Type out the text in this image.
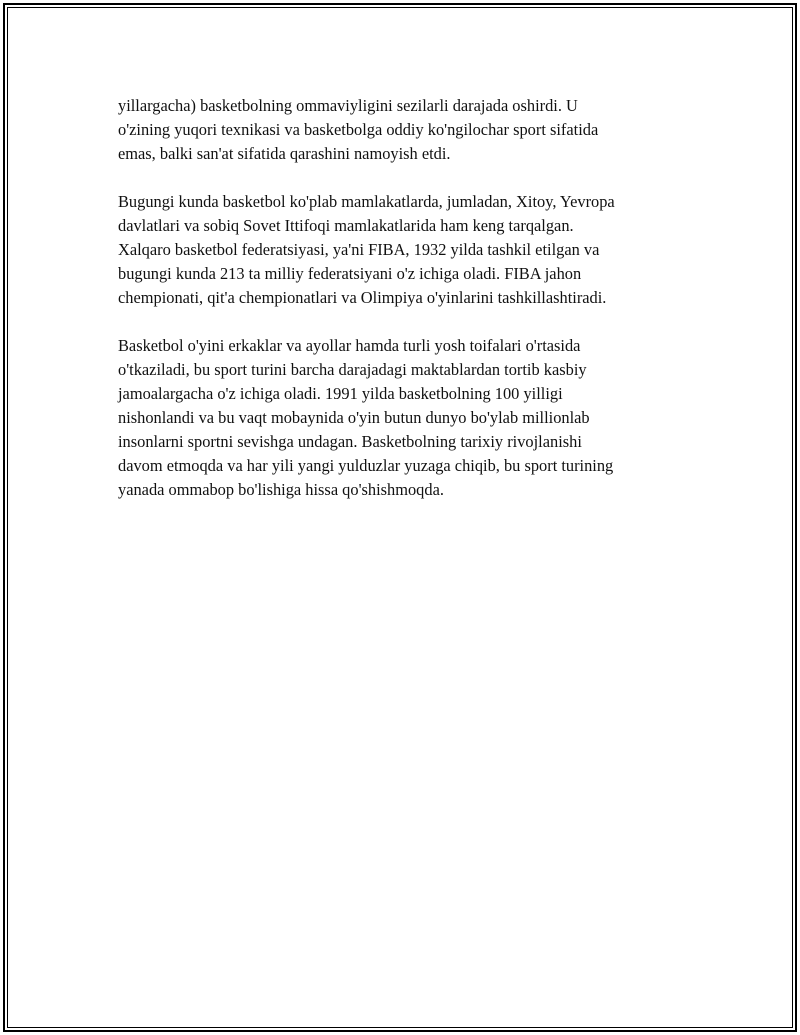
yillargacha) basketbolning ommaviyligini sezilarli darajada oshirdi. U
o'zining yuqori texnikasi va basketbolga oddiy ko'ngilochar sport sifatida
emas, balki san'at sifatida qarashini namoyish etdi.

Bugungi kunda basketbol ko'plab mamlakatlarda, jumladan, Xitoy, Yevropa
davlatlari va sobiq Sovet Ittifoqi mamlakatlarida ham keng tarqalgan.
Xalqaro basketbol federatsiyasi, ya'ni FIBA, 1932 yilda tashkil etilgan va
bugungi kunda 213 ta milliy federatsiyani o'z ichiga oladi. FIBA jahon
chempionati, qit'a chempionatlari va Olimpiya o'yinlarini tashkillashtiradi.

Basketbol o'yini erkaklar va ayollar hamda turli yosh toifalari o'rtasida
o'tkaziladi, bu sport turini barcha darajadagi maktablardan tortib kasbiy
jamoalargacha o'z ichiga oladi. 1991 yilda basketbolning 100 yilligi
nishonlandi va bu vaqt mobaynida o'yin butun dunyo bo'ylab millionlab
insonlarni sportni sevishga undagan. Basketbolning tarixiy rivojlanishi
davom etmoqda va har yili yangi yulduzlar yuzaga chiqib, bu sport turining
yanada ommabop bo'lishiga hissa qo'shishmoqda.
